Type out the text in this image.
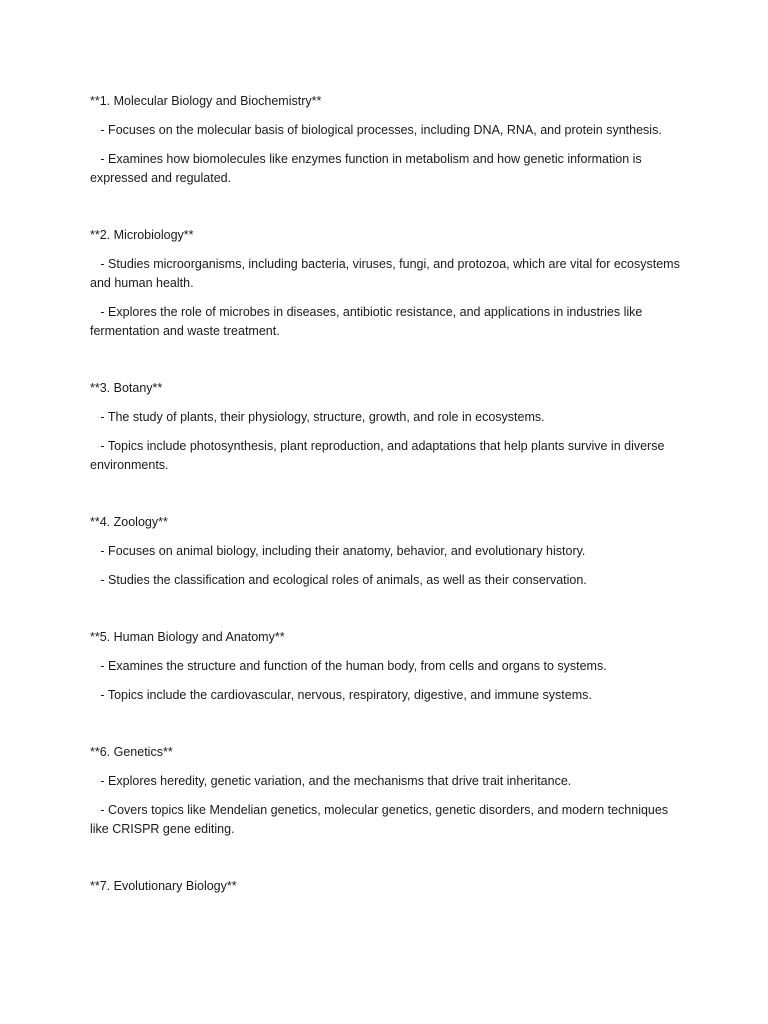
**1. Molecular Biology and Biochemistry**

- Focuses on the molecular basis of biological processes, including DNA, RNA, and protein synthesis.

- Examines how biomolecules like enzymes function in metabolism and how genetic information is expressed and regulated.

**2. Microbiology**

- Studies microorganisms, including bacteria, viruses, fungi, and protozoa, which are vital for ecosystems and human health.

- Explores the role of microbes in diseases, antibiotic resistance, and applications in industries like fermentation and waste treatment.

**3. Botany**

- The study of plants, their physiology, structure, growth, and role in ecosystems.

- Topics include photosynthesis, plant reproduction, and adaptations that help plants survive in diverse environments.

**4. Zoology**

- Focuses on animal biology, including their anatomy, behavior, and evolutionary history.

- Studies the classification and ecological roles of animals, as well as their conservation.

**5. Human Biology and Anatomy**

- Examines the structure and function of the human body, from cells and organs to systems.

- Topics include the cardiovascular, nervous, respiratory, digestive, and immune systems.

**6. Genetics**

- Explores heredity, genetic variation, and the mechanisms that drive trait inheritance.

- Covers topics like Mendelian genetics, molecular genetics, genetic disorders, and modern techniques like CRISPR gene editing.

**7. Evolutionary Biology**
